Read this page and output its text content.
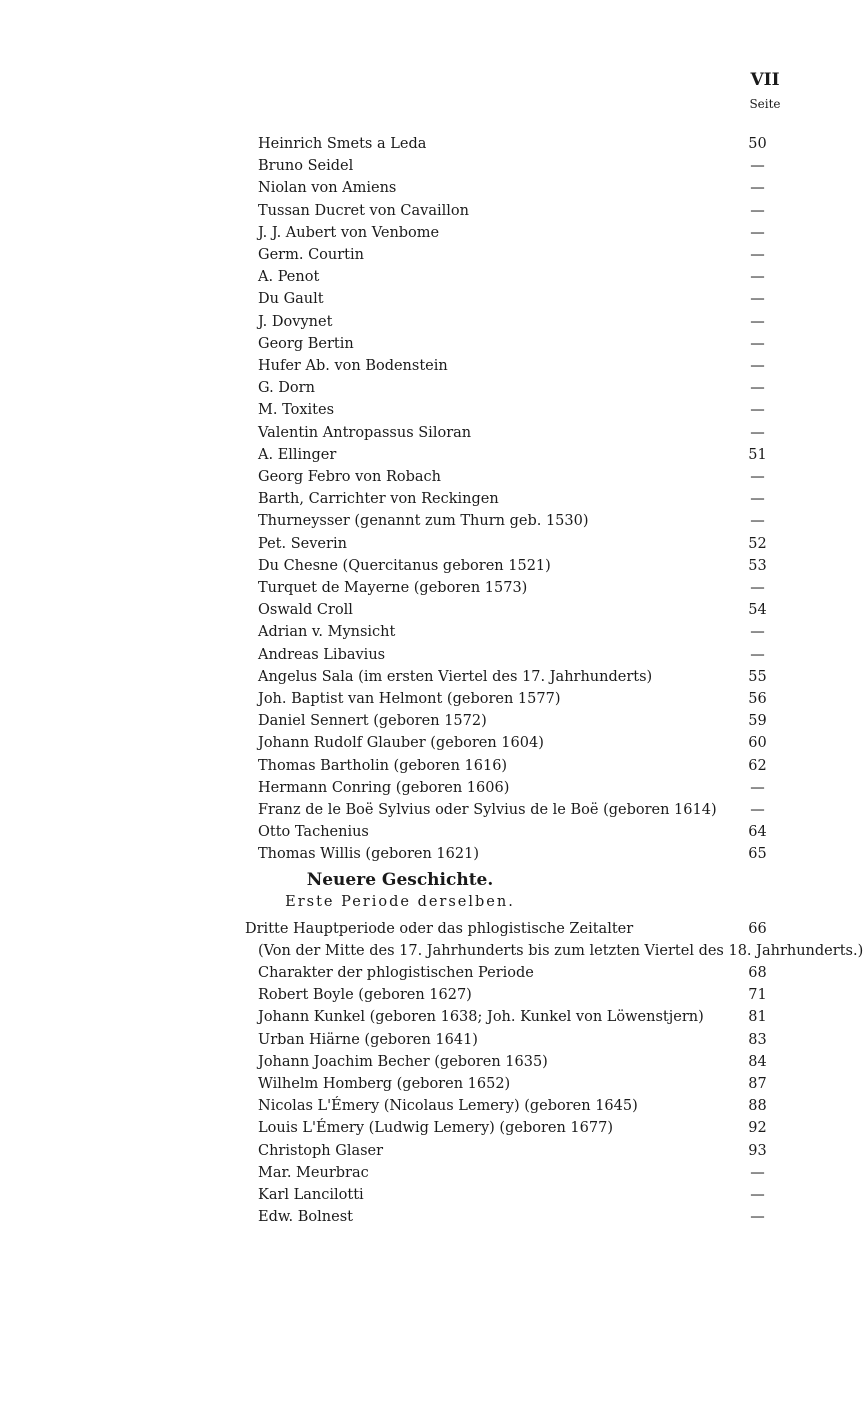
VII
Seite
Heinrich Smets a Leda . . .	50
Bruno Seidel . . .	—
Niolan von Amiens . . .	—
Tussan Ducret von Cavaillon . . .	—
J. J. Aubert von Venbome . . .	—
Germ. Courtin . . .	—
A. Penot . . .	—
Du Gault . . .	—
J. Dovynet . . .	—
Georg Bertin . . .	—
Hufer Ab. von Bodenstein . . .	—
G. Dorn . . .	—
M. Toxites . . .	—
Valentin Antropassus Siloran . . .	—
A. Ellinger . . .	51
Georg Febro von Robach . . .	—
Barth, Carrichter von Reckingen . . .	—
Thurneysser (genannt zum Thurn geb. 1530) . . .	—
Pet. Severin . . .	52
Du Chesne (Quercitanus geboren 1521) . . .	53
Turquet de Mayerne (geboren 1573) . . .	—
Oswald Croll . . .	54
Adrian v. Mynsicht . . .	—
Andreas Libavius . . .	—
Angelus Sala (im ersten Viertel des 17. Jahrhunderts) . . .	55
Joh. Baptist van Helmont (geboren 1577) . . .	56
Daniel Sennert (geboren 1572) . . .	59
Johann Rudolf Glauber (geboren 1604) . . .	60
Thomas Bartholin (geboren 1616) . . .	62
Hermann Conring (geboren 1606) . . .	—
Franz de le Boë Sylvius oder Sylvius de le Boë (geboren 1614) . . .	—
Otto Tachenius . . .	64
Thomas Willis (geboren 1621) . . .	65
Neuere Geschichte.
Erste Periode derselben.
Dritte Hauptperiode oder das phlogistische Zeitalter . . .	66
(Von der Mitte des 17. Jahrhunderts bis zum letzten Viertel des 18. Jahrhunderts.)
Charakter der phlogistischen Periode . . .	68
Robert Boyle (geboren 1627) . . .	71
Johann Kunkel (geboren 1638; Joh. Kunkel von Löwenstjern) . . .	81
Urban Hiärne (geboren 1641) . . .	83
Johann Joachim Becher (geboren 1635) . . .	84
Wilhelm Homberg (geboren 1652) . . .	87
Nicolas L'Émery (Nicolaus Lemery) (geboren 1645) . . .	88
Louis L'Émery (Ludwig Lemery) (geboren 1677) . . .	92
Christoph Glaser . . .	93
Mar. Meurbrac . . .	—
Karl Lancilotti . . .	—
Edw. Bolnest . . .	—
